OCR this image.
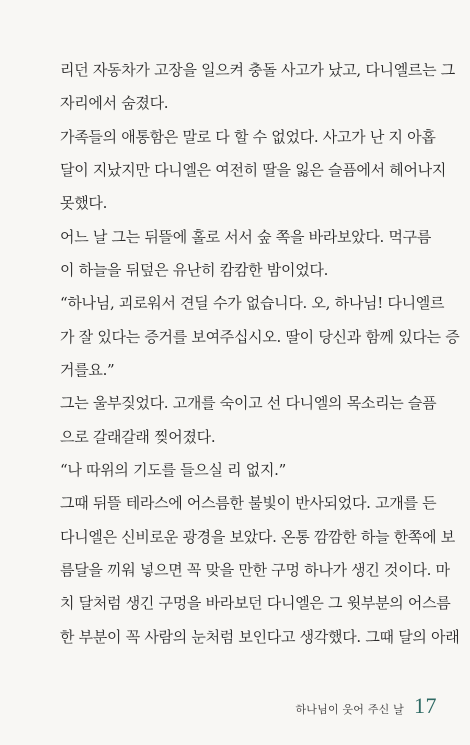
리던 자동차가 고장을 일으켜 충돌 사고가 났고, 다니엘르는 그
자리에서 숨졌다.
가족들의 애통함은 말로 다 할 수 없었다. 사고가 난 지 아홉
달이 지났지만 다니엘은 여전히 딸을 잃은 슬픔에서 헤어나지
못했다.
어느 날 그는 뒤뜰에 홀로 서서 숲 쪽을 바라보았다. 먹구름
이 하늘을 뒤덮은 유난히 캄캄한 밤이었다.
“하나님, 괴로워서 견딜 수가 없습니다. 오, 하나님! 다니엘르
가 잘 있다는 증거를 보여주십시오. 딸이 당신과 함께 있다는 증
거를요.”
그는 울부짖었다. 고개를 숙이고 선 다니엘의 목소리는 슬픔
으로 갈래갈래 찢어졌다.
“나 따위의 기도를 들으실 리 없지.”
그때 뒤뜰 테라스에 어스름한 불빛이 반사되었다. 고개를 든
다니엘은 신비로운 광경을 보았다. 온통 깜깜한 하늘 한쪽에 보
름달을 끼워 넣으면 꼭 맞을 만한 구멍 하나가 생긴 것이다. 마
치 달처럼 생긴 구멍을 바라보던 다니엘은 그 윗부분의 어스름
한 부분이 꼭 사람의 눈처럼 보인다고 생각했다. 그때 달의 아래
하나님이 웃어 주신 날 17
